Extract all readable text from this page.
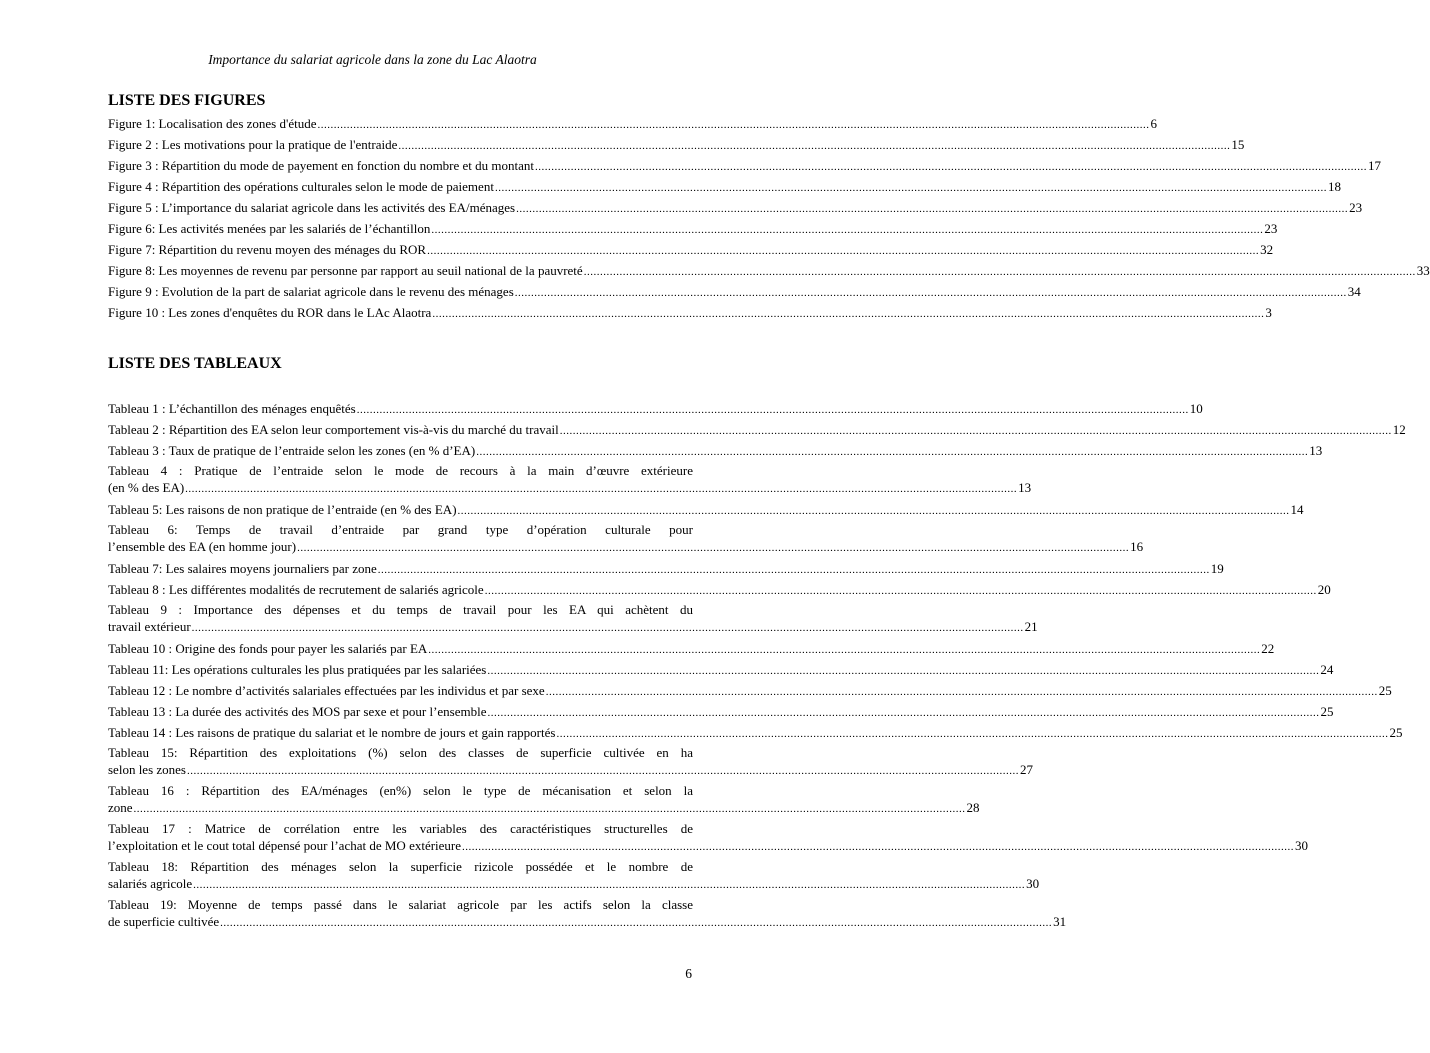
Importance du salariat agricole dans la zone du Lac Alaotra
LISTE DES FIGURES
Figure 1: Localisation des zones d'étude .....	6
Figure 2 : Les motivations pour la pratique de l'entraide .....	15
Figure 3 : Répartition du mode de payement en fonction du nombre et du montant .....	17
Figure 4 : Répartition des opérations culturales selon le mode de paiement .....	18
Figure 5 : L’importance du salariat agricole dans les activités des EA/ménages .....	23
Figure 6: Les activités menées par les salariés de l’échantillon .....	23
Figure 7: Répartition du revenu moyen des ménages du ROR .....	32
Figure 8: Les moyennes de revenu par personne par rapport au seuil national de la pauvreté .....	33
Figure 9 : Evolution de la part de salariat agricole dans le revenu des ménages .....	34
Figure 10 : Les zones d'enquêtes du ROR dans le LAc Alaotra .....	3
LISTE DES TABLEAUX
Tableau 1 : L’échantillon des ménages enquêtés .....	10
Tableau 2 : Répartition des EA selon leur comportement vis-à-vis du marché du travail .....	12
Tableau 3 : Taux de pratique de l’entraide selon les zones (en % d’EA) .....	13
Tableau 4 : Pratique de l’entraide selon le mode de recours à la main d’œuvre extérieure
(en % des EA) .....	13
Tableau 5: Les raisons de non pratique de l’entraide (en % des EA) .....	14
Tableau 6: Temps de travail d’entraide par grand type d’opération culturale pour
l’ensemble des EA (en homme jour) .....	16
Tableau 7: Les salaires moyens journaliers par zone .....	19
Tableau 8 : Les différentes modalités de recrutement de salariés agricole .....	20
Tableau 9 : Importance des dépenses et du temps de travail pour les EA qui achètent du
travail extérieur .....	21
Tableau 10 : Origine des fonds pour payer les salariés par EA .....	22
Tableau 11: Les opérations culturales les plus pratiquées par les salariées .....	24
Tableau 12 : Le nombre d’activités salariales effectuées par les individus et par sexe .....	25
Tableau 13 : La durée des activités des MOS par sexe et pour l’ensemble .....	25
Tableau 14 : Les raisons de pratique du salariat et le nombre de jours et gain rapportés .....	25
Tableau 15: Répartition des exploitations (%) selon des classes de superficie cultivée en ha
selon les zones .....	27
Tableau 16 : Répartition des EA/ménages (en%) selon le type de mécanisation et selon la
zone .....	28
Tableau 17 : Matrice de corrélation entre les variables des caractéristiques structurelles de
l’exploitation et le cout total dépensé pour l’achat de MO extérieure .....	30
Tableau 18: Répartition des ménages selon la superficie rizicole possédée et le nombre de
salariés agricole .....	30
Tableau 19: Moyenne de temps passé dans le salariat agricole par les actifs selon la classe
de superficie cultivée .....	31
6
